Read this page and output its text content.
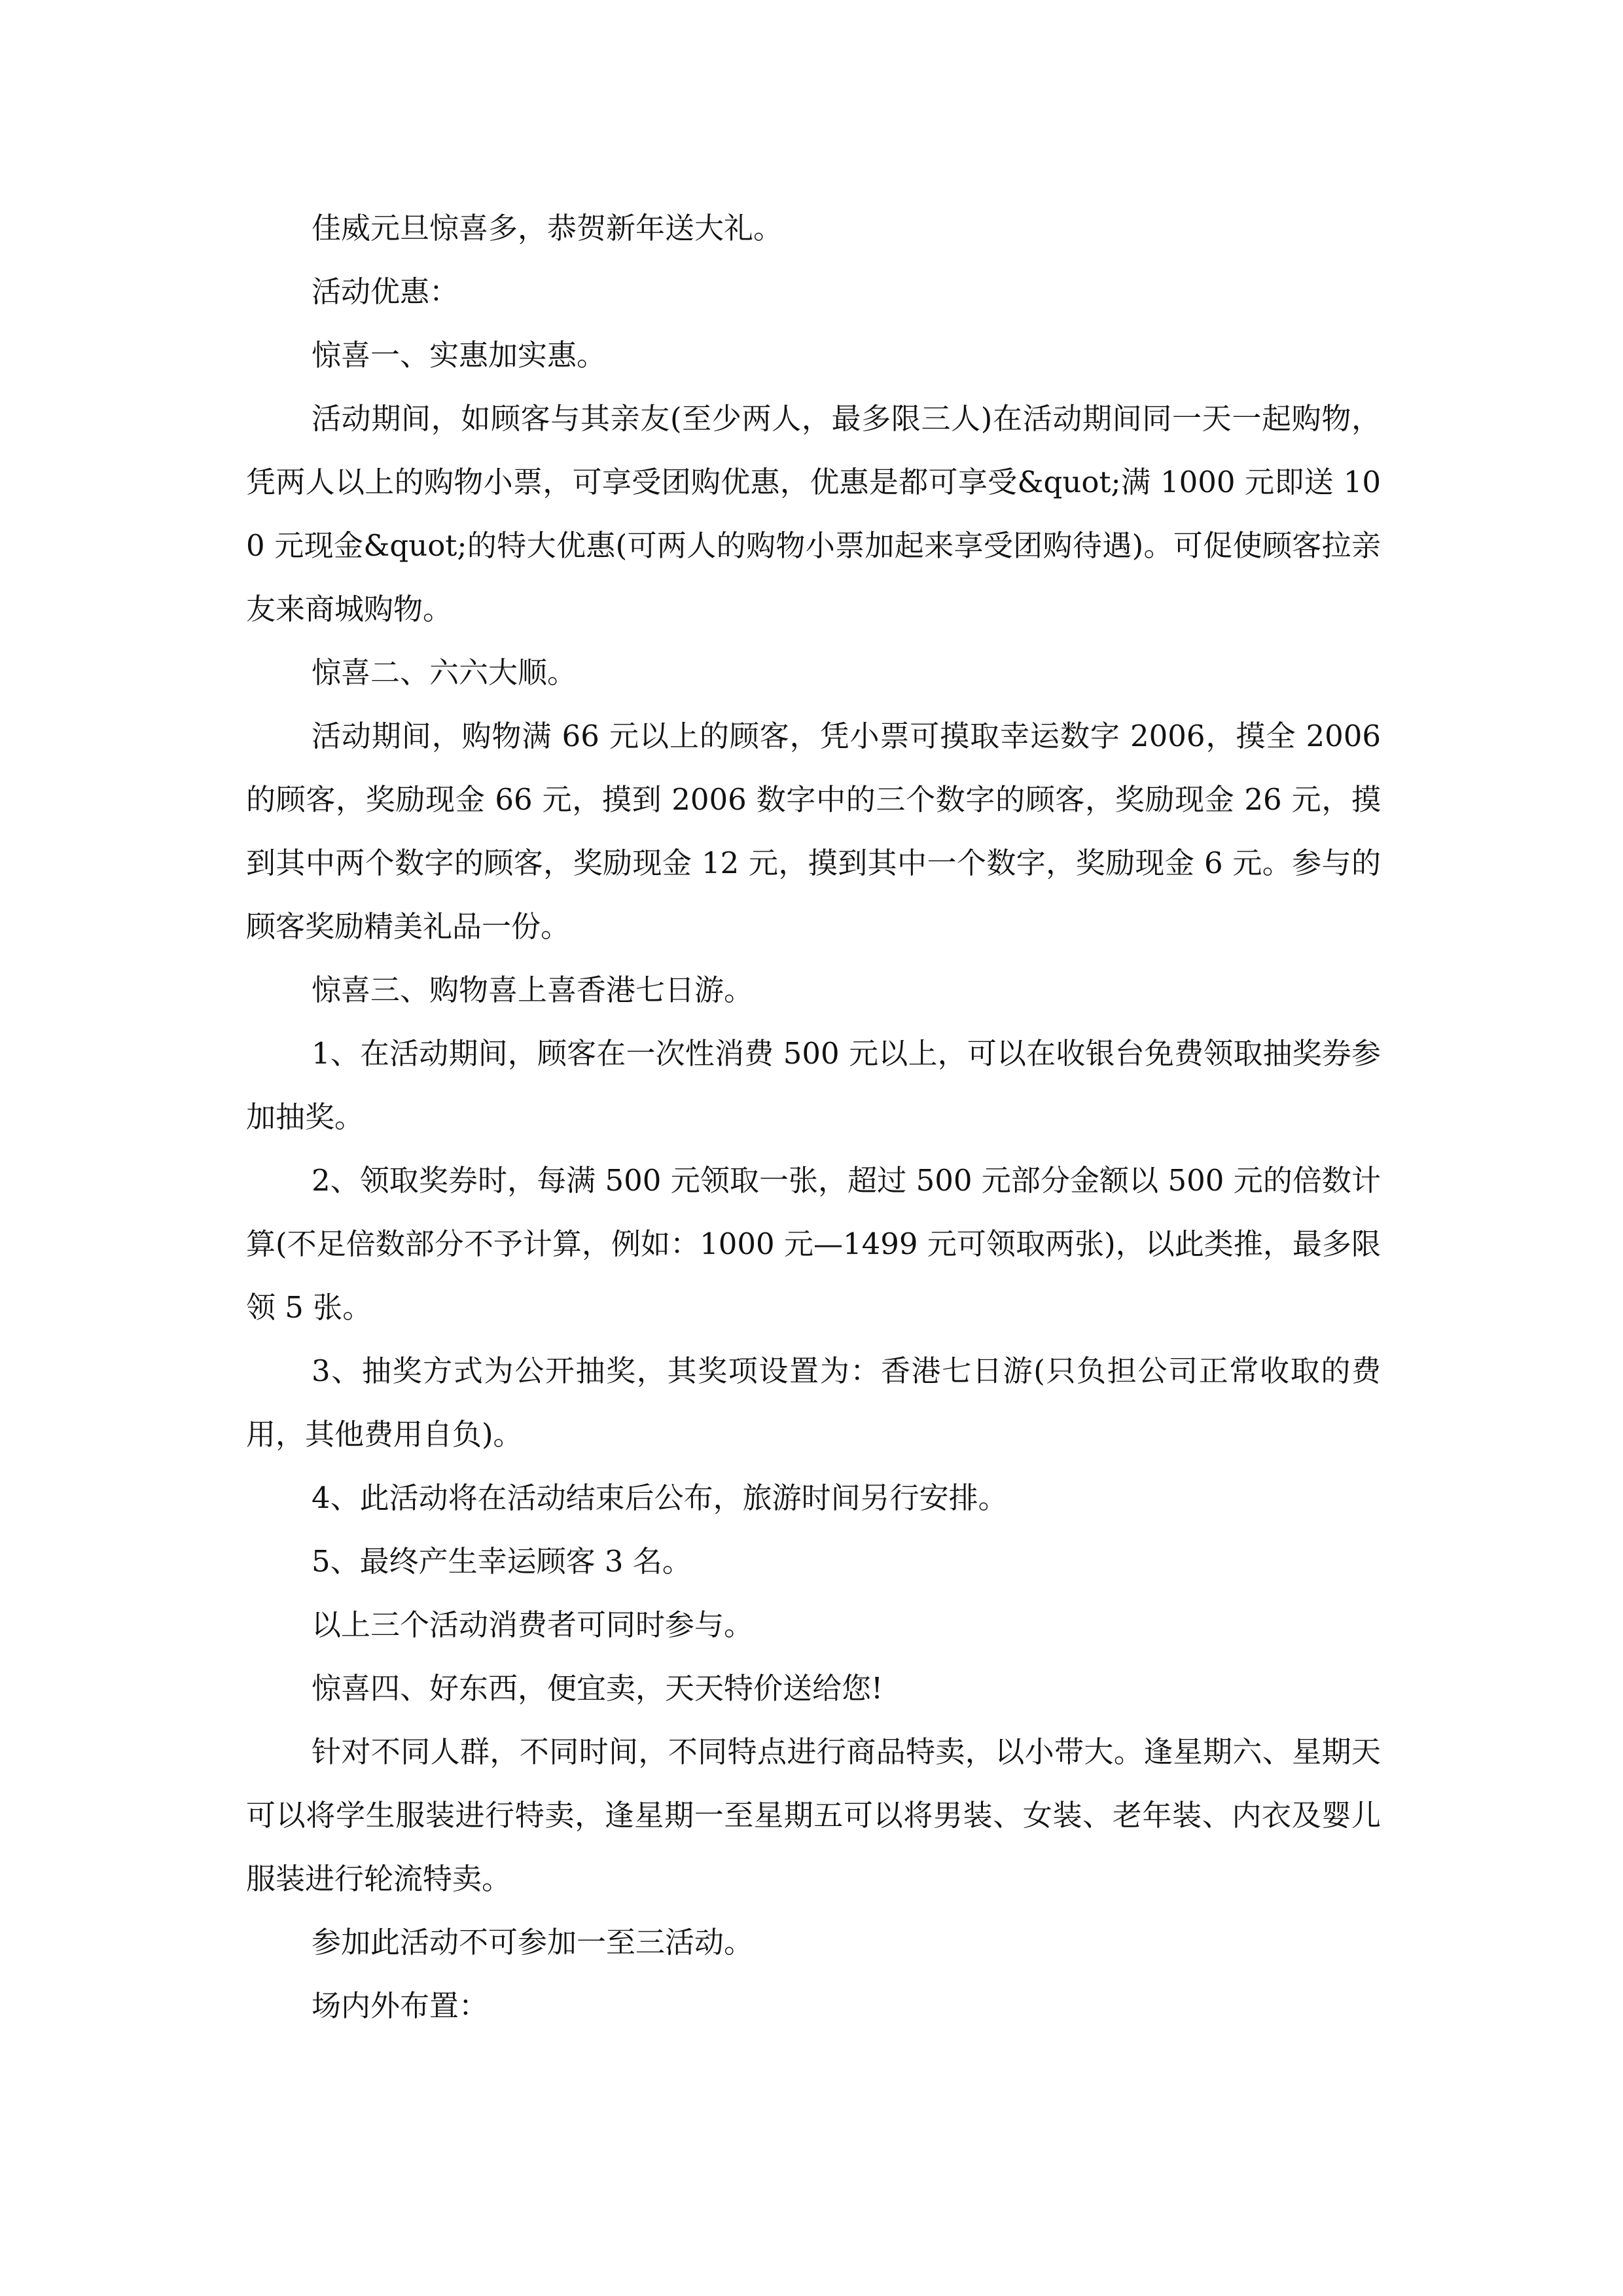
佳威元旦惊喜多，恭贺新年送大礼。

活动优惠：

惊喜一、实惠加实惠。

活动期间，如顾客与其亲友(至少两人，最多限三人)在活动期间同一天一起购物，凭两人以上的购物小票，可享受团购优惠，优惠是都可享受&quot;满 1000 元即送 100 元现金&quot;的特大优惠(可两人的购物小票加起来享受团购待遇)。可促使顾客拉亲友来商城购物。

惊喜二、六六大顺。

活动期间，购物满 66 元以上的顾客，凭小票可摸取幸运数字 2006，摸全 2006 的顾客，奖励现金 66 元，摸到 2006 数字中的三个数字的顾客，奖励现金 26 元，摸到其中两个数字的顾客，奖励现金 12 元，摸到其中一个数字，奖励现金 6 元。参与的顾客奖励精美礼品一份。

惊喜三、购物喜上喜香港七日游。

1、在活动期间，顾客在一次性消费 500 元以上，可以在收银台免费领取抽奖券参加抽奖。

2、领取奖券时，每满 500 元领取一张，超过 500 元部分金额以 500 元的倍数计算(不足倍数部分不予计算，例如：1000 元—1499 元可领取两张)，以此类推，最多限领 5 张。

3、抽奖方式为公开抽奖，其奖项设置为：香港七日游(只负担公司正常收取的费用，其他费用自负)。

4、此活动将在活动结束后公布，旅游时间另行安排。

5、最终产生幸运顾客 3 名。

以上三个活动消费者可同时参与。

惊喜四、好东西，便宜卖，天天特价送给您!

针对不同人群，不同时间，不同特点进行商品特卖，以小带大。逢星期六、星期天可以将学生服装进行特卖，逢星期一至星期五可以将男装、女装、老年装、内衣及婴儿服装进行轮流特卖。

参加此活动不可参加一至三活动。

场内外布置：
